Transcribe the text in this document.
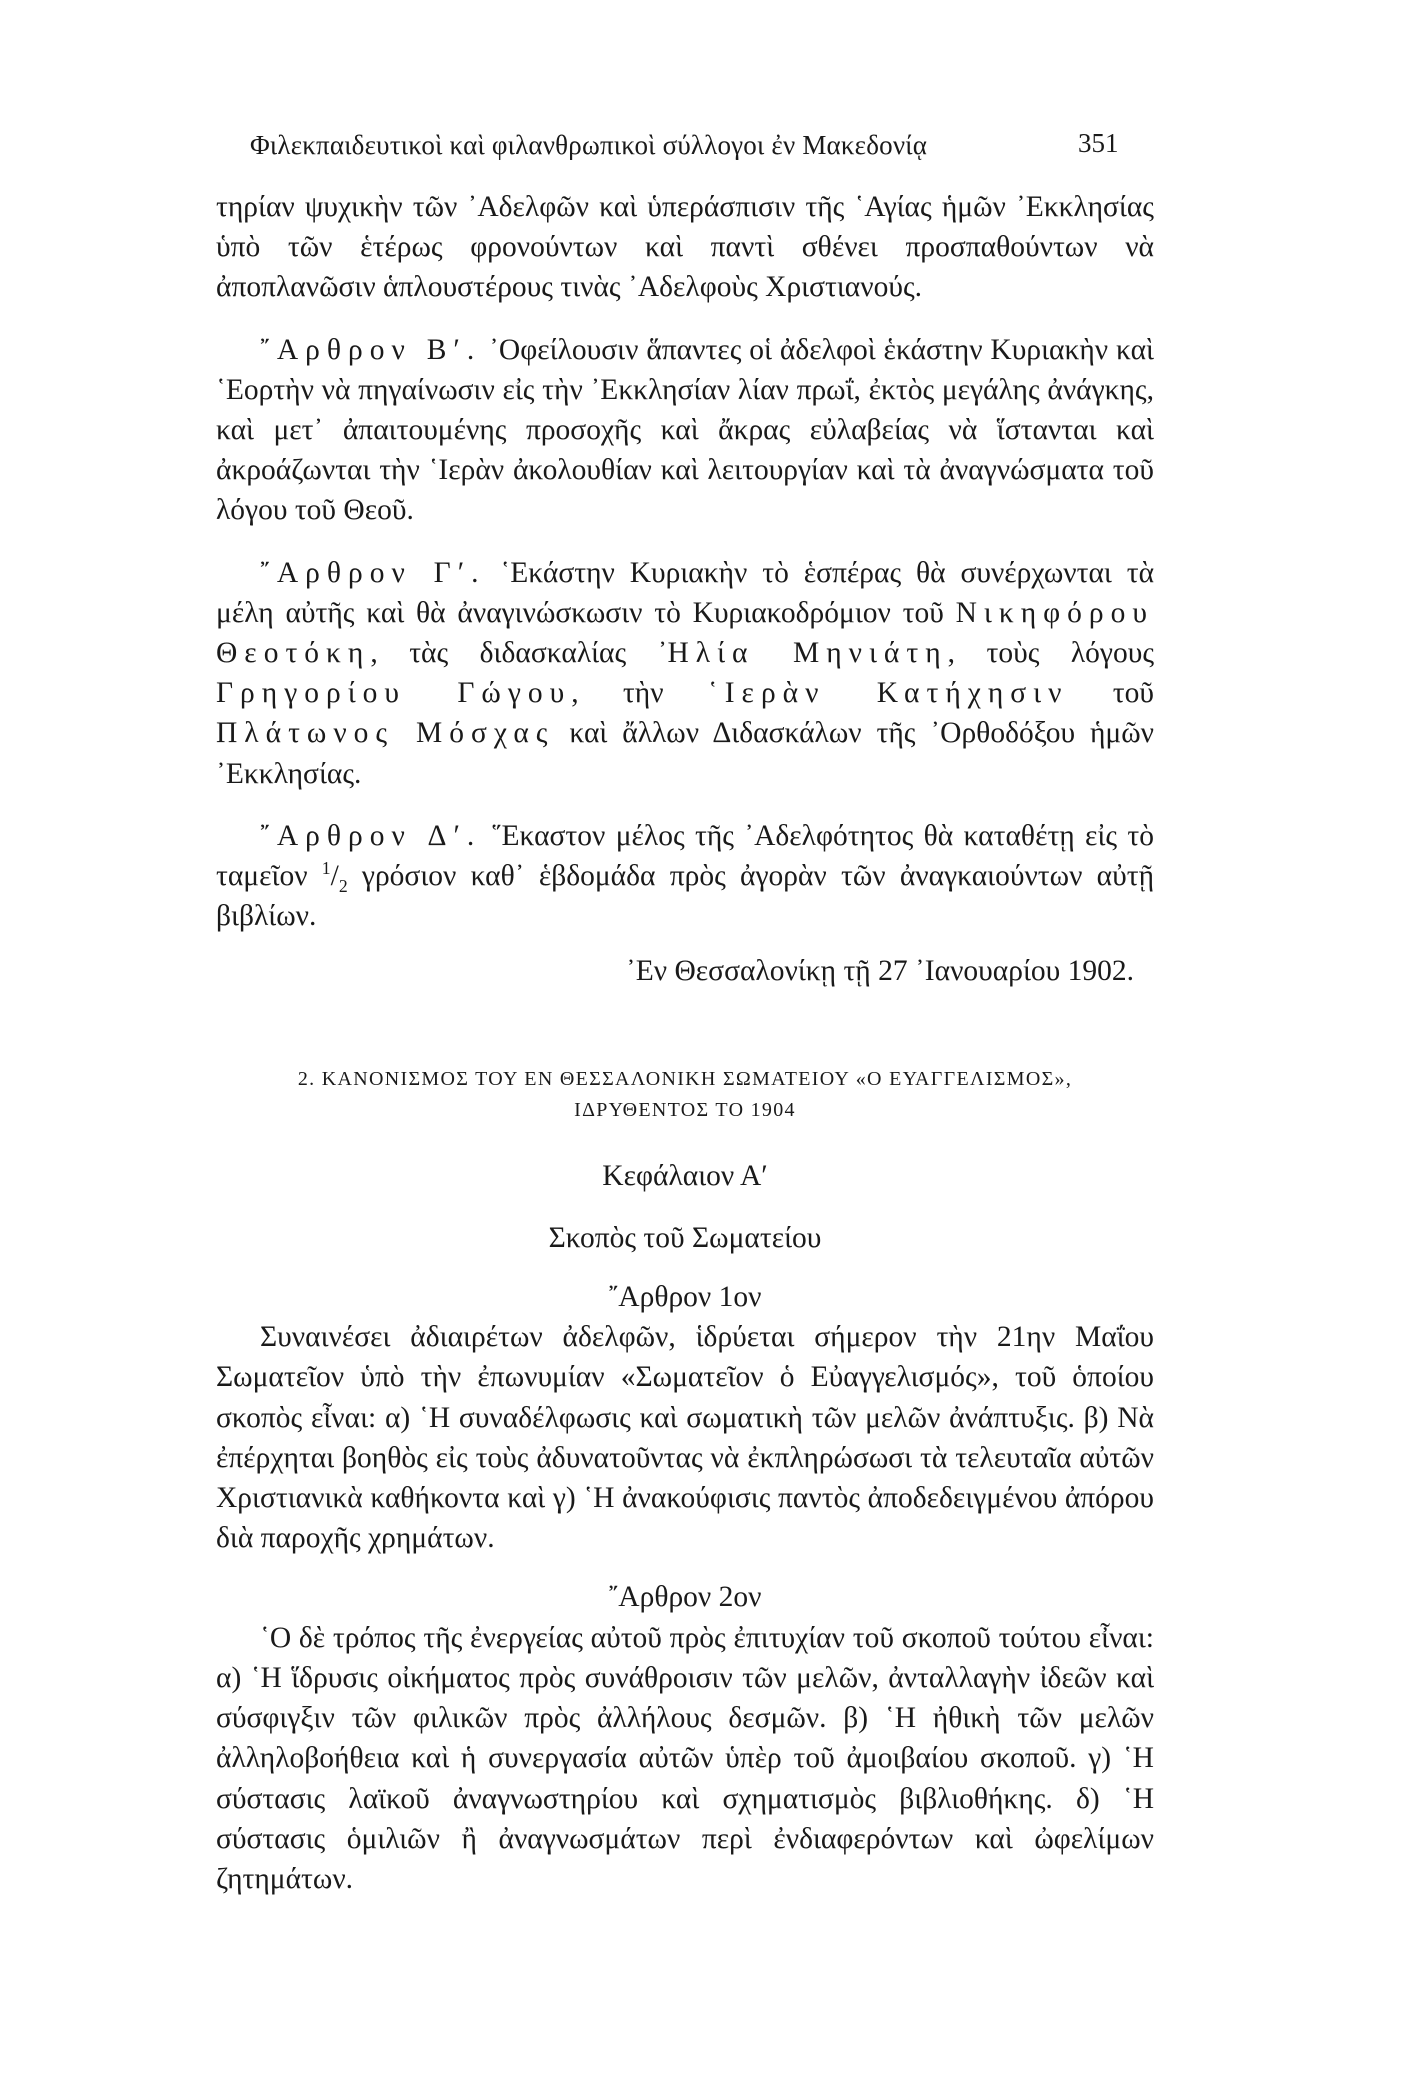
Φιλεκπαιδευτικοὶ καὶ φιλανθρωπικοὶ σύλλογοι ἐν Μακεδονίᾳ	351

τηρίαν ψυχικὴν τῶν ᾿Αδελφῶν καὶ ὑπεράσπισιν τῆς ῾Αγίας ἡμῶν ᾿Εκκλησίας ὑπὸ τῶν ἑτέρως φρονούντων καὶ παντὶ σθένει προσπαθούντων νὰ ἀποπλανῶσιν ἁπλουστέρους τινὰς ᾿Αδελφοὺς Χριστιανούς.

῎Αρθρον Β′. ᾿Οφείλουσιν ἅπαντες οἱ ἀδελφοὶ ἑκάστην Κυριακὴν καὶ ῾Εορτὴν νὰ πηγαίνωσιν εἰς τὴν ᾿Εκκλησίαν λίαν πρωΐ, ἐκτὸς μεγάλης ἀνάγκης, καὶ μετ᾿ ἀπαιτουμένης προσοχῆς καὶ ἄκρας εὐλαβείας νὰ ἵστανται καὶ ἀκροάζωνται τὴν ῾Ιερὰν ἀκολουθίαν καὶ λειτουργίαν καὶ τὰ ἀναγνώσματα τοῦ λόγου τοῦ Θεοῦ.

῎Αρθρον Γ′. ῾Εκάστην Κυριακὴν τὸ ἑσπέρας θὰ συνέρχωνται τὰ μέλη αὐτῆς καὶ θὰ ἀναγινώσκωσιν τὸ Κυριακοδρόμιον τοῦ Νικηφόρου Θεοτόκη, τὰς διδασκαλίας ᾿Ηλία Μηνιάτη, τοὺς λόγους Γρηγορίου Γώγου, τὴν ῾Ιερὰν Κατήχησιν τοῦ Πλάτωνος Μόσχας καὶ ἄλλων Διδασκάλων τῆς ᾿Ορθοδόξου ἡμῶν ᾿Εκκλησίας.

῎Αρθρον Δ′. ῞Εκαστον μέλος τῆς ᾿Αδελφότητος θὰ καταθέτῃ εἰς τὸ ταμεῖον $^1/_2$ γρόσιον καθ᾿ ἑβδομάδα πρὸς ἀγορὰν τῶν ἀναγκαιούντων αὐτῇ βιβλίων.

᾿Εν Θεσσαλονίκῃ τῇ 27 ᾿Ιανουαρίου 1902.

2. ΚΑΝΟΝΙΣΜΟΣ ΤΟΥ ΕΝ ΘΕΣΣΑΛΟΝΙΚΗ ΣΩΜΑΤΕΙΟΥ «Ο ΕΥΑΓΓΕΛΙΣΜΟΣ»,
ΙΔΡΥΘΕΝΤΟΣ ΤΟ 1904

Κεφάλαιον Α′

Σκοπὸς τοῦ Σωματείου

῎Αρθρον 1ον

Συναινέσει ἀδιαιρέτων ἀδελφῶν, ἱδρύεται σήμερον τὴν 21ην Μαΐου Σωματεῖον ὑπὸ τὴν ἐπωνυμίαν «Σωματεῖον ὁ Εὐαγγελισμός», τοῦ ὁποίου σκοπὸς εἶναι: α) ῾Η συναδέλφωσις καὶ σωματικὴ τῶν μελῶν ἀνάπτυξις. β) Νὰ ἐπέρχηται βοηθὸς εἰς τοὺς ἀδυνατοῦντας νὰ ἐκπληρώσωσι τὰ τελευταῖα αὐτῶν Χριστιανικὰ καθήκοντα καὶ γ) ῾Η ἀνακούφισις παντὸς ἀποδεδειγμένου ἀπόρου διὰ παροχῆς χρημάτων.

῎Αρθρον 2ον

῾Ο δὲ τρόπος τῆς ἐνεργείας αὐτοῦ πρὸς ἐπιτυχίαν τοῦ σκοποῦ τούτου εἶναι: α) ῾Η ἵδρυσις οἰκήματος πρὸς συνάθροισιν τῶν μελῶν, ἀνταλλαγὴν ἰδεῶν καὶ σύσφιγξιν τῶν φιλικῶν πρὸς ἀλλήλους δεσμῶν. β) ῾Η ἠθικὴ τῶν μελῶν ἀλληλοβοήθεια καὶ ἡ συνεργασία αὐτῶν ὑπὲρ τοῦ ἀμοιβαίου σκοποῦ. γ) ῾Η σύστασις λαϊκοῦ ἀναγνωστηρίου καὶ σχηματισμὸς βιβλιοθήκης. δ) ῾Η σύστασις ὁμιλιῶν ἢ ἀναγνωσμάτων περὶ ἐνδιαφερόντων καὶ ὠφελίμων ζητημάτων.
